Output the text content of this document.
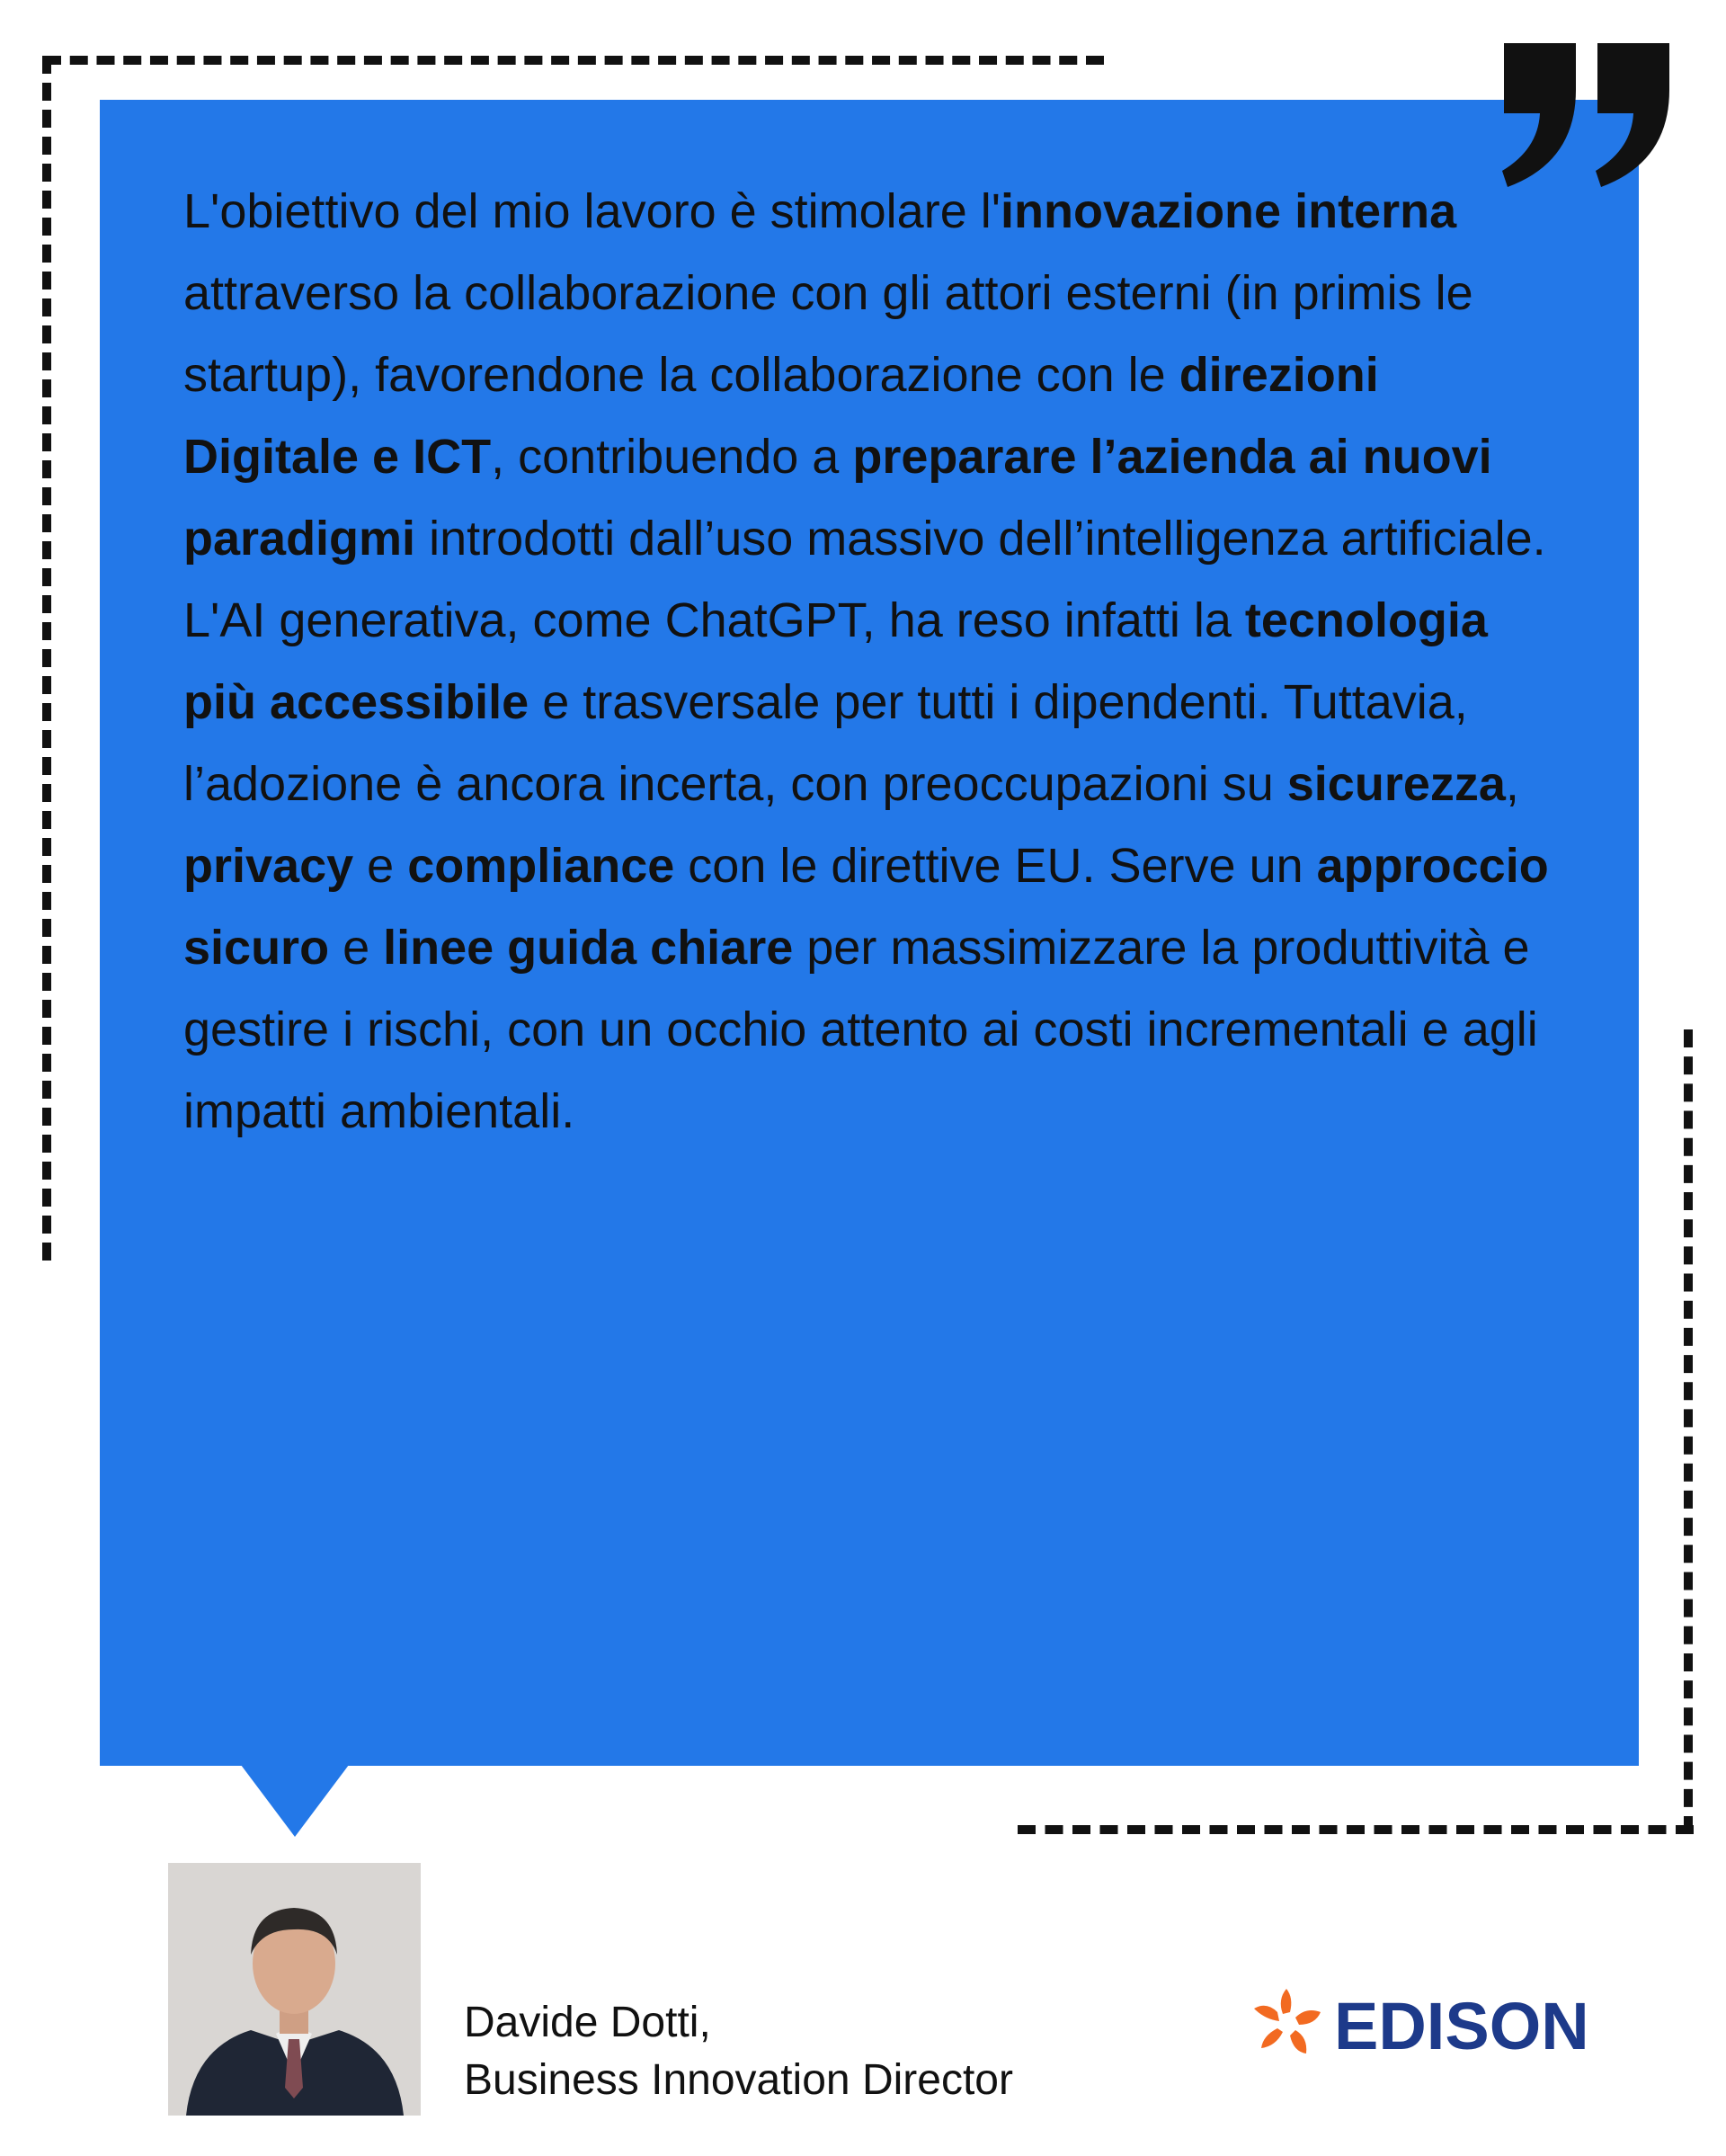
L'obiettivo del mio lavoro è stimolare l'innovazione interna attraverso la collaborazione con gli attori esterni (in primis le startup), favorendone la collaborazione con le direzioni Digitale e ICT, contribuendo a preparare l’azienda ai nuovi paradigmi introdotti dall’uso massivo dell’intelligenza artificiale. L'AI generativa, come ChatGPT, ha reso infatti la tecnologia più accessibile e trasversale per tutti i dipendenti. Tuttavia, l’adozione è ancora incerta, con preoccupazioni su sicurezza, privacy e compliance con le direttive EU. Serve un approccio sicuro e linee guida chiare per massimizzare la produttività e gestire i rischi, con un occhio attento ai costi incrementali e agli impatti ambientali.

Davide Dotti,
Business Innovation Director
EDISON
